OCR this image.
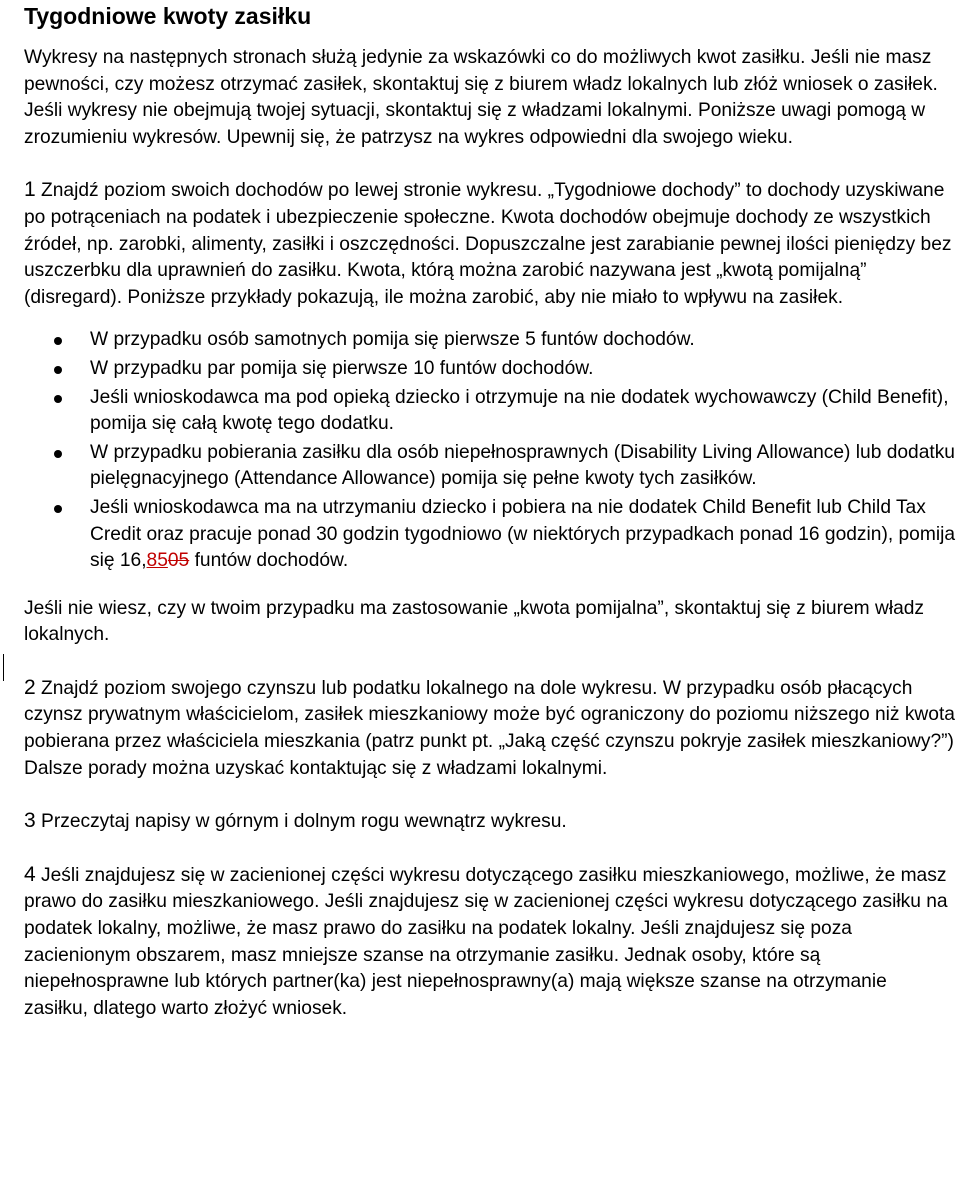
Tygodniowe kwoty zasiłku

Wykresy na następnych stronach służą jedynie za wskazówki co do możliwych kwot zasiłku. Jeśli nie masz pewności, czy możesz otrzymać zasiłek, skontaktuj się z biurem władz lokalnych lub złóż wniosek o zasiłek. Jeśli wykresy nie obejmują twojej sytuacji, skontaktuj się z władzami lokalnymi. Poniższe uwagi pomogą w zrozumieniu wykresów. Upewnij się, że patrzysz na wykres odpowiedni dla swojego wieku.

1 Znajdź poziom swoich dochodów po lewej stronie wykresu. „Tygodniowe dochody” to dochody uzyskiwane po potrąceniach na podatek i ubezpieczenie społeczne. Kwota dochodów obejmuje dochody ze wszystkich źródeł, np. zarobki, alimenty, zasiłki i oszczędności. Dopuszczalne jest zarabianie pewnej ilości pieniędzy bez uszczerbku dla uprawnień do zasiłku. Kwota, którą można zarobić nazywana jest „kwotą pomijalną” (disregard). Poniższe przykłady pokazują, ile można zarobić, aby nie miało to wpływu na zasiłek.

W przypadku osób samotnych pomija się pierwsze 5 funtów dochodów.
W przypadku par pomija się pierwsze 10 funtów dochodów.
Jeśli wnioskodawca ma pod opieką dziecko i otrzymuje na nie dodatek wychowawczy (Child Benefit), pomija się całą kwotę tego dodatku.
W przypadku pobierania zasiłku dla osób niepełnosprawnych (Disability Living Allowance) lub dodatku pielęgnacyjnego (Attendance Allowance) pomija się pełne kwoty tych zasiłków.
Jeśli wnioskodawca ma na utrzymaniu dziecko i pobiera na nie dodatek Child Benefit lub Child Tax Credit oraz pracuje ponad 30 godzin tygodniowo (w niektórych przypadkach ponad 16 godzin), pomija się 16,8505 funtów dochodów.

Jeśli nie wiesz, czy w twoim przypadku ma zastosowanie „kwota pomijalna”, skontaktuj się z biurem władz lokalnych.

2 Znajdź poziom swojego czynszu lub podatku lokalnego na dole wykresu. W przypadku osób płacących czynsz prywatnym właścicielom, zasiłek mieszkaniowy może być ograniczony do poziomu niższego niż kwota pobierana przez właściciela mieszkania (patrz punkt pt. „Jaką część czynszu pokryje zasiłek mieszkaniowy?”) Dalsze porady można uzyskać kontaktując się z władzami lokalnymi.

3 Przeczytaj napisy w górnym i dolnym rogu wewnątrz wykresu.

4 Jeśli znajdujesz się w zacienionej części wykresu dotyczącego zasiłku mieszkaniowego, możliwe, że masz prawo do zasiłku mieszkaniowego. Jeśli znajdujesz się w zacienionej części wykresu dotyczącego zasiłku na podatek lokalny, możliwe, że masz prawo do zasiłku na podatek lokalny. Jeśli znajdujesz się poza zacienionym obszarem, masz mniejsze szanse na otrzymanie zasiłku. Jednak osoby, które są niepełnosprawne lub których partner(ka) jest niepełnosprawny(a) mają większe szanse na otrzymanie zasiłku, dlatego warto złożyć wniosek.
